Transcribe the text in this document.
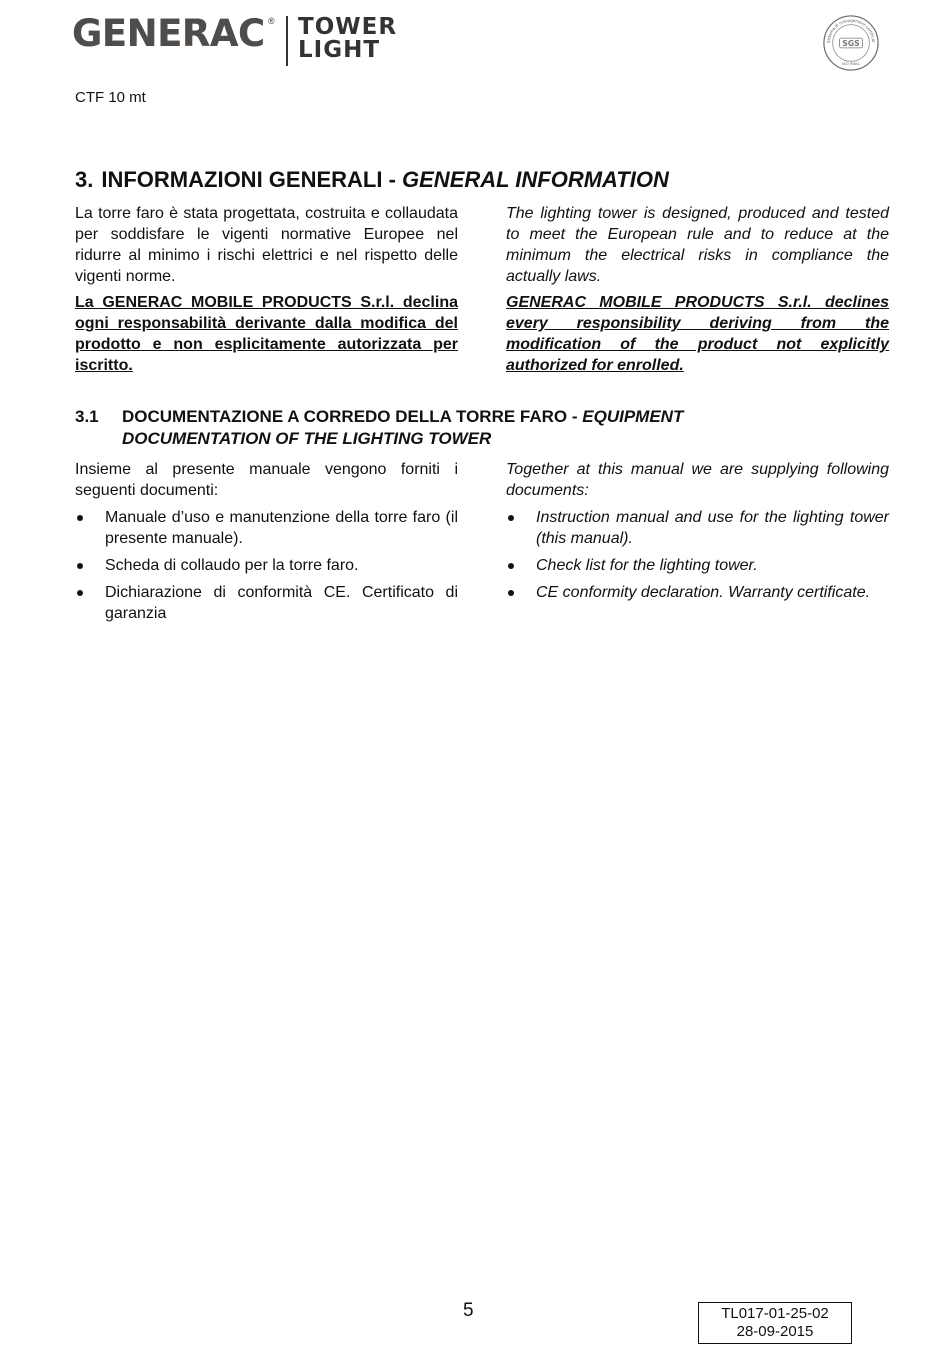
GENERAC ® TOWER
LIGHT	Sistema di management certificat
SGS
ISO 9001
CTF 10 mt
3. INFORMAZIONI GENERALI - GENERAL INFORMATION

La torre faro è stata progettata, costruita e collaudata per soddisfare le vigenti normative Europee nel ridurre al minimo i rischi elettrici e nel rispetto delle vigenti norme.

La GENERAC MOBILE PRODUCTS S.r.l. declina ogni responsabilità derivante dalla modifica del prodotto e non esplicitamente autorizzata per iscritto.

The lighting tower is designed, produced and tested to meet the European rule and to reduce at the minimum the electrical risks in compliance the actually laws.

GENERAC MOBILE PRODUCTS S.r.l. declines every responsibility deriving from the modification of the product not explicitly authorized for enrolled.

3.1 DOCUMENTAZIONE A CORREDO DELLA TORRE FARO - EQUIPMENT
DOCUMENTATION OF THE LIGHTING TOWER

Insieme al presente manuale vengono forniti i seguenti documenti:

Manuale d’uso e manutenzione della torre faro (il presente manuale).
Scheda di collaudo per la torre faro.
Dichiarazione di conformità CE. Certificato di garanzia

Together at this manual we are supplying following documents:

Instruction manual and use for the lighting tower (this manual).
Check list for the lighting tower.
CE conformity declaration. Warranty certificate.
5	TL017-01-25-02
28-09-2015
